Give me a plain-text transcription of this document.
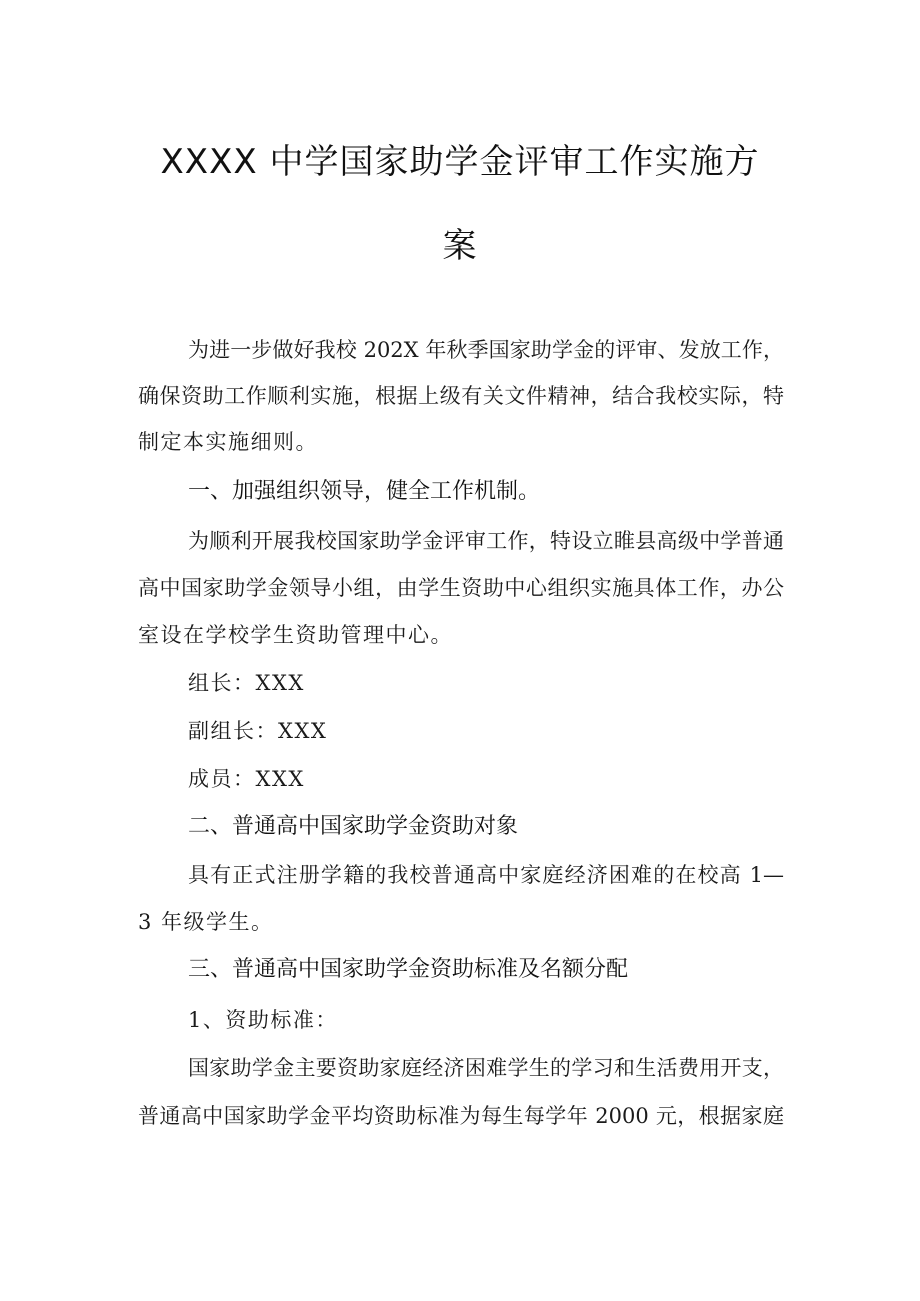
XXXX 中学国家助学金评审工作实施方
案
为进一步做好我校 202X 年秋季国家助学金的评审、发放工作，
确保资助工作顺利实施，根据上级有关文件精神，结合我校实际，特
制定本实施细则。
一、加强组织领导，健全工作机制。
为顺利开展我校国家助学金评审工作，特设立睢县高级中学普通
高中国家助学金领导小组，由学生资助中心组织实施具体工作，办公
室设在学校学生资助管理中心。
组长：XXX
副组长：XXX
成员：XXX
二、普通高中国家助学金资助对象
具有正式注册学籍的我校普通高中家庭经济困难的在校高 1—
3 年级学生。
三、普通高中国家助学金资助标准及名额分配
1、资助标准：
国家助学金主要资助家庭经济困难学生的学习和生活费用开支，
普通高中国家助学金平均资助标准为每生每学年 2000 元，根据家庭
